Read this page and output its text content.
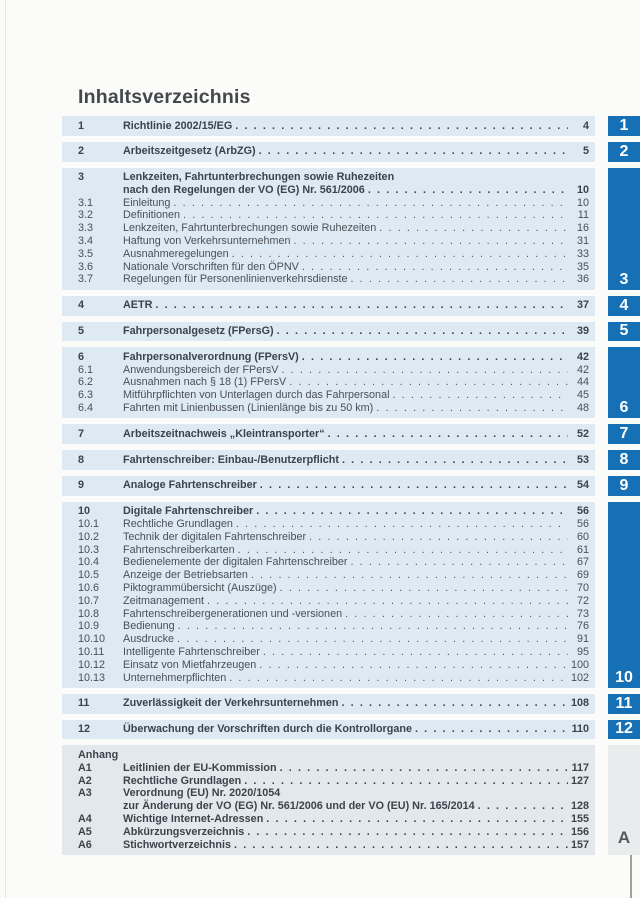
Inhaltsverzeichnis
1	Richtlinie 2002/15/EG . . .	4 1
2	Arbeitszeitgesetz (ArbZG) . . .	5 2
3	Lenkzeiten, Fahrtunterbrechungen sowie Ruhezeiten
nach den Regelungen der VO (EG) Nr. 561/2006 . . .	10
3.1	Einleitung . . .	10
3.2	Definitionen . . .	11
3.3	Lenkzeiten, Fahrtunterbrechungen sowie Ruhezeiten . . .	16
3.4	Haftung von Verkehrsunternehmen . . .	31
3.5	Ausnahmeregelungen . . .	33
3.6	Nationale Vorschriften für den ÖPNV . . .	35
3.7	Regelungen für Personenlinienverkehrsdienste . . .	36 3
4	AETR . . .	37 4
5	Fahrpersonalgesetz (FPersG) . . .	39 5
6	Fahrpersonalverordnung (FPersV) . . .	42
6.1	Anwendungsbereich der FPersV . . .	42
6.2	Ausnahmen nach § 18 (1) FPersV . . .	44
6.3	Mitführpflichten von Unterlagen durch das Fahrpersonal . . .	45
6.4	Fahrten mit Linienbussen (Linienlänge bis zu 50 km) . . .	48 6
7	Arbeitszeitnachweis „Kleintransporter“ . . .	52 7
8	Fahrtenschreiber: Einbau-/Benutzerpflicht . . .	53 8
9	Analoge Fahrtenschreiber . . .	54 9
10	Digitale Fahrtenschreiber . . .	56
10.1	Rechtliche Grundlagen . . .	56
10.2	Technik der digitalen Fahrtenschreiber . . .	60
10.3	Fahrtenschreiberkarten . . .	61
10.4	Bedienelemente der digitalen Fahrtenschreiber . . .	67
10.5	Anzeige der Betriebsarten . . .	69
10.6	Piktogrammübersicht (Auszüge) . . .	70
10.7	Zeitmanagement . . .	72
10.8	Fahrtenschreibergenerationen und -versionen . . .	73
10.9	Bedienung . . .	76
10.10	Ausdrucke . . .	91
10.11	Intelligente Fahrtenschreiber . . .	95
10.12	Einsatz von Mietfahrzeugen . . .	100
10.13	Unternehmerpflichten . . .	102 10
11	Zuverlässigkeit der Verkehrsunternehmen . . .	108 11
12	Überwachung der Vorschriften durch die Kontrollorgane . . .	110 12
Anhang
A1	Leitlinien der EU-Kommission . . .	117
A2	Rechtliche Grundlagen . . .	127
A3	Verordnung (EU) Nr. 2020/1054
zur Änderung der VO (EG) Nr. 561/2006 und der VO (EU) Nr. 165/2014 . . .	128
A4	Wichtige Internet-Adressen . . .	155
A5	Abkürzungsverzeichnis . . .	156
A6	Stichwortverzeichnis . . .	157 A
